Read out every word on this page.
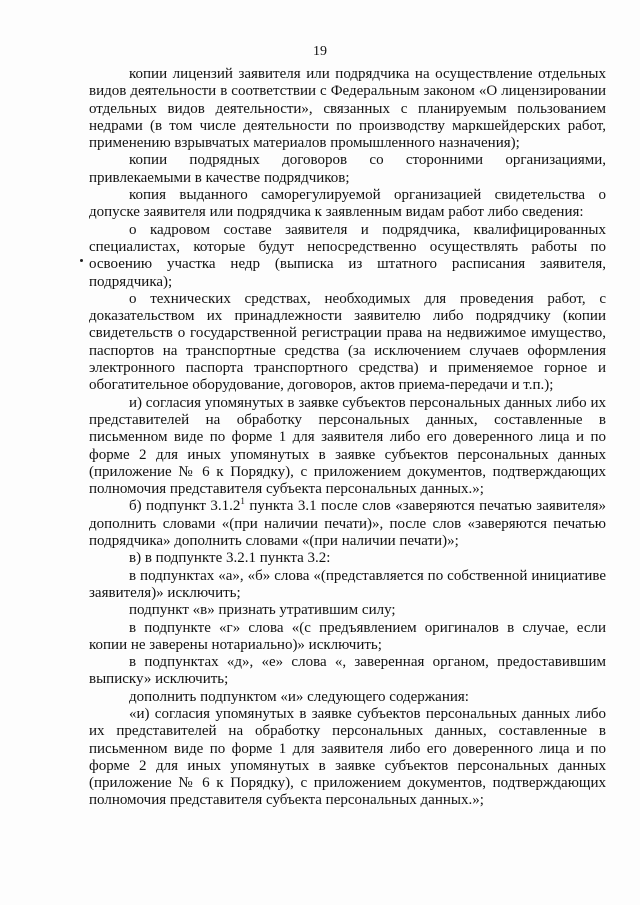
19

копии лицензий заявителя или подрядчика на осуществление отдельных видов деятельности в соответствии с Федеральным законом «О лицензировании отдельных видов деятельности», связанных с планируемым пользованием недрами (в том числе деятельности по производству маркшейдерских работ, применению взрывчатых материалов промышленного назначения);

копии подрядных договоров со сторонними организациями, привлекаемыми в качестве подрядчиков;

копия выданного саморегулируемой организацией свидетельства о допуске заявителя или подрядчика к заявленным видам работ либо сведения:

о кадровом составе заявителя и подрядчика, квалифицированных специалистах, которые будут непосредственно осуществлять работы по освоению участка недр (выписка из штатного расписания заявителя, подрядчика);

о технических средствах, необходимых для проведения работ, с доказательством их принадлежности заявителю либо подрядчику (копии свидетельств о государственной регистрации права на недвижимое имущество, паспортов на транспортные средства (за исключением случаев оформления электронного паспорта транспортного средства) и применяемое горное и обогатительное оборудование, договоров, актов приема-передачи и т.п.);

и) согласия упомянутых в заявке субъектов персональных данных либо их представителей на обработку персональных данных, составленные в письменном виде по форме 1 для заявителя либо его доверенного лица и по форме 2 для иных упомянутых в заявке субъектов персональных данных (приложение № 6 к Порядку), с приложением документов, подтверждающих полномочия представителя субъекта персональных данных.»;

б) подпункт 3.1.2$^1$ пункта 3.1 после слов «заверяются печатью заявителя» дополнить словами «(при наличии печати)», после слов «заверяются печатью подрядчика» дополнить словами «(при наличии печати)»;

в) в подпункте 3.2.1 пункта 3.2:

в подпунктах «а», «б» слова «(представляется по собственной инициативе заявителя)» исключить;

подпункт «в» признать утратившим силу;

в подпункте «г» слова «(с предъявлением оригиналов в случае, если копии не заверены нотариально)» исключить;

в подпунктах «д», «е» слова «, заверенная органом, предоставившим выписку» исключить;

дополнить подпунктом «и» следующего содержания:

«и) согласия упомянутых в заявке субъектов персональных данных либо их представителей на обработку персональных данных, составленные в письменном виде по форме 1 для заявителя либо его доверенного лица и по форме 2 для иных упомянутых в заявке субъектов персональных данных (приложение № 6 к Порядку), с приложением документов, подтверждающих полномочия представителя субъекта персональных данных.»;
